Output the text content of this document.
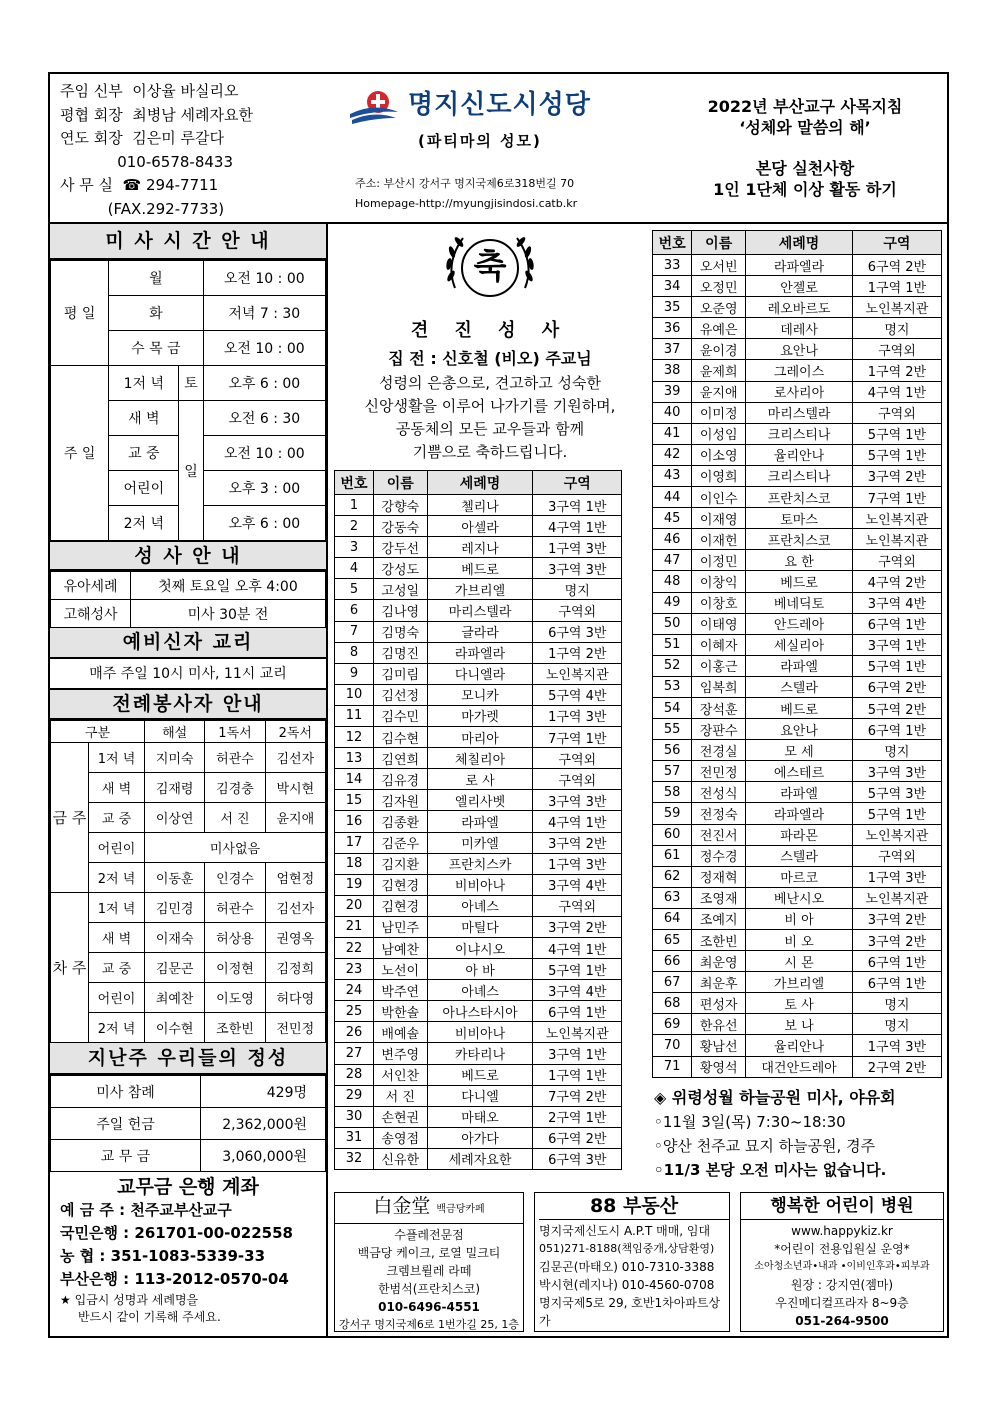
주임 신부  이상율 바실리오
평협 회장  최병남 세례자요한
연도 회장  김은미 루갈다
010-6578-8433
사 무 실  ☎ 294-7711
(FAX.292-7733)
명지신도시성당
(파티마의 성모)
주소: 부산시 강서구 명지국제6로318번길 70
Homepage-http://myungjisindosi.catb.kr
2022년 부산교구 사목지침
‘성체와 말씀의 해’
본당 실천사항
1인 1단체 이상 활동 하기
미 사 시 간 안 내
평 일	월		오전 10 : 00
	화		저녁 7 : 30
	수 목 금		오전 10 : 00
주 일	1저 녁	토	오후 6 : 00
	새 벽	일	오전 6 : 30
	교 중		오전 10 : 00
	어린이		오후 3 : 00
	2저 녁		오후 6 : 00
성 사 안 내
유아세례	첫째 토요일 오후 4:00
고해성사	미사 30분 전
예비신자 교리
매주 주일 10시 미사, 11시 교리
전례봉사자 안내
구분		해설	1독서	2독서
금 주	1저 녁	지미숙	허관수	김선자
	새 벽	김재령	김경충	박시현
	교 중	이상연	서 진	윤지애
	어린이	미사없음		
	2저 녁	이동훈	인경수	엄현정
차 주	1저 녁	김민경	허관수	김선자
	새 벽	이재숙	허상용	권영옥
	교 중	김문곤	이정현	김정희
	어린이	최예찬	이도영	허다영
	2저 녁	이수현	조한빈	전민정
지난주 우리들의 정성
미사 참례	429명
주일 헌금	2,362,000원
교 무 금	3,060,000원
교무금 은행 계좌
예 금 주 : 천주교부산교구
국민은행 : 261701-00-022558
농 협 : 351-1083-5339-33
부산은행 : 113-2012-0570-04
★ 입금시 성명과 세례명을
반드시 같이 기록해 주세요.
축
견 진 성 사
집 전 : 신호철 (비오) 주교님
성령의 은총으로, 견고하고 성숙한
신앙생활을 이루어 나가기를 기원하며,
공동체의 모든 교우들과 함께
기쁨으로 축하드립니다.
번호	이름	세례명	구역
1	강향숙	첼리나	3구역 1반
2	강동숙	아셀라	4구역 1반
3	강두선	레지나	1구역 3반
4	강성도	베드로	3구역 3반
5	고성일	가브리엘	명지
6	김나영	마리스텔라	구역외
7	김명숙	글라라	6구역 3반
8	김명진	라파엘라	1구역 2반
9	김미림	다니엘라	노인복지관
10	김선정	모니카	5구역 4반
11	김수민	마가렛	1구역 3반
12	김수현	마리아	7구역 1반
13	김연희	체칠리아	구역외
14	김유경	로 사	구역외
15	김자원	엘리사벳	3구역 3반
16	김종환	라파엘	4구역 1반
17	김준우	미카엘	3구역 2반
18	김지환	프란치스카	1구역 3반
19	김현경	비비아나	3구역 4반
20	김현경	아녜스	구역외
21	남민주	마틸다	3구역 2반
22	남예찬	이냐시오	4구역 1반
23	노선이	아 바	5구역 1반
24	박주연	아녜스	3구역 4반
25	박한솔	아나스타시아	6구역 1반
26	배예솔	비비아나	노인복지관
27	변주영	카타리나	3구역 1반
28	서인찬	베드로	1구역 1반
29	서 진	다니엘	7구역 2반
30	손현권	마태오	2구역 1반
31	송영점	아가다	6구역 2반
32	신유한	세례자요한	6구역 3반
번호	이름	세례명	구역
33	오서빈	라파엘라	6구역 2반
34	오정민	안젤로	1구역 1반
35	오준영	레오바르도	노인복지관
36	유예은	데레사	명지
37	윤이경	요안나	구역외
38	윤제희	그레이스	1구역 2반
39	윤지애	로사리아	4구역 1반
40	이미정	마리스텔라	구역외
41	이성임	크리스티나	5구역 1반
42	이소영	율리안나	5구역 1반
43	이영희	크리스티나	3구역 2반
44	이인수	프란치스코	7구역 1반
45	이재영	토마스	노인복지관
46	이재헌	프란치스코	노인복지관
47	이정민	요 한	구역외
48	이창익	베드로	4구역 2반
49	이창호	베네딕토	3구역 4반
50	이태영	안드레아	6구역 1반
51	이혜자	세실리아	3구역 1반
52	이홍근	라파엘	5구역 1반
53	임복희	스텔라	6구역 2반
54	장석훈	베드로	5구역 2반
55	장판수	요안나	6구역 1반
56	전경실	모 세	명지
57	전민정	에스테르	3구역 3반
58	전성식	라파엘	5구역 3반
59	전정숙	라파엘라	5구역 1반
60	전진서	파라몬	노인복지관
61	정수경	스텔라	구역외
62	정재혁	마르코	1구역 3반
63	조영재	베난시오	노인복지관
64	조예지	비 아	3구역 2반
65	조한빈	비 오	3구역 2반
66	최운영	시 몬	6구역 1반
67	최운후	가브리엘	6구역 1반
68	편성자	토 사	명지
69	한유선	보 나	명지
70	황남선	율리안나	1구역 3반
71	황영석	대건안드레아	2구역 2반
◈ 위령성월 하늘공원 미사, 야유회
◦11월 3일(목) 7:30~18:30
◦양산 천주교 묘지 하늘공원, 경주
◦11/3 본당 오전 미사는 없습니다.
白金堂 백금당카페
수플레전문점
백금당 케이크, 로열 밀크티
크렘브륄레 라떼
한범석(프란치스코)
010-6496-4551
강서구 명지국제6로 1번가길 25, 1층
88 부동산
명지국제신도시 A.P.T 매매, 임대
051)271-8188(책임중개,상담환영)
김문곤(마태오) 010-7310-3388
박시현(레지나) 010-4560-0708
명지국제5로 29, 호반1차아파트상가
행복한 어린이 병원
www.happykiz.kr
*어린이 전용입원실 운영*
소아청소년과•내과 •이비인후과•피부과
원장 : 강지연(젬마)
우진메디컬프라자 8~9층
051-264-9500
